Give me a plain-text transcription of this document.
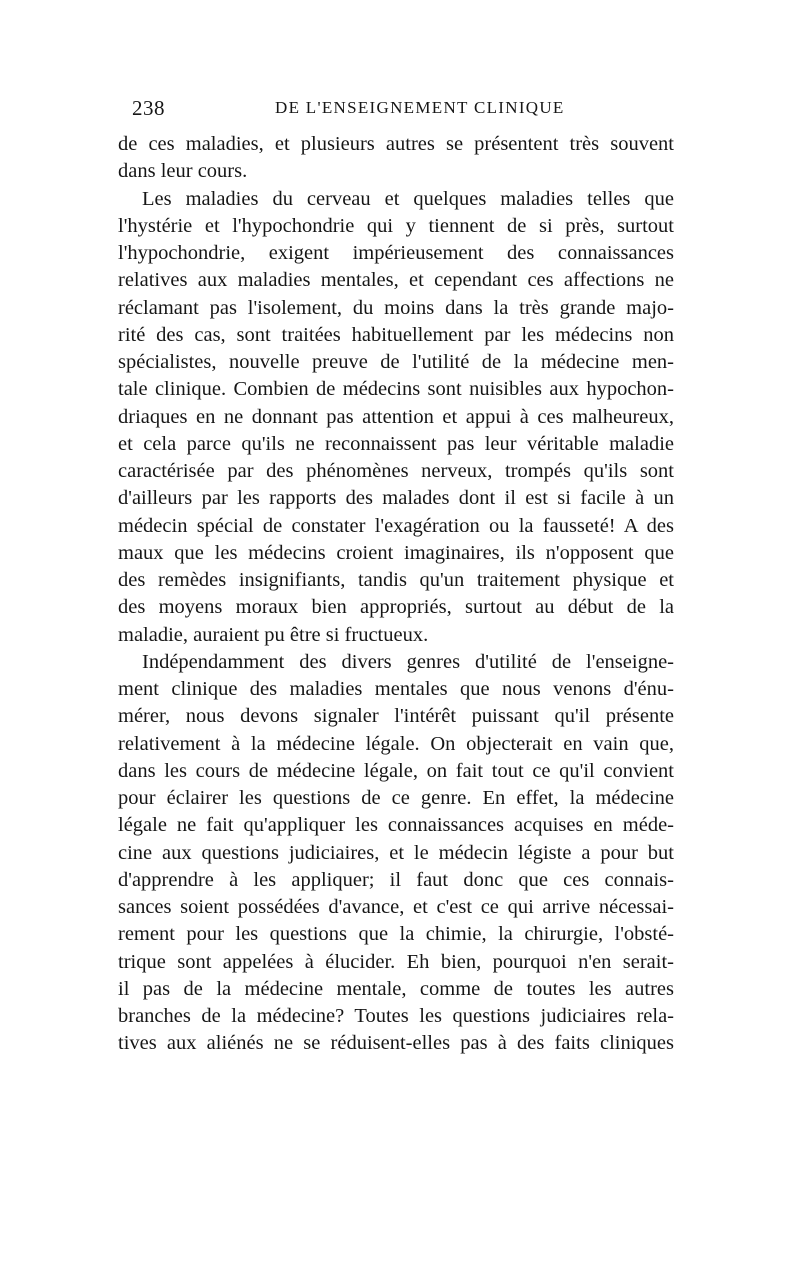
238	DE L'ENSEIGNEMENT CLINIQUE
de ces maladies, et plusieurs autres se présentent très souvent
dans leur cours.
Les maladies du cerveau et quelques maladies telles que
l'hystérie et l'hypochondrie qui y tiennent de si près, surtout
l'hypochondrie, exigent impérieusement des connaissances
relatives aux maladies mentales, et cependant ces affections ne
réclamant pas l'isolement, du moins dans la très grande majo-
rité des cas, sont traitées habituellement par les médecins non
spécialistes, nouvelle preuve de l'utilité de la médecine men-
tale clinique. Combien de médecins sont nuisibles aux hypochon-
driaques en ne donnant pas attention et appui à ces malheureux,
et cela parce qu'ils ne reconnaissent pas leur véritable maladie
caractérisée par des phénomènes nerveux, trompés qu'ils sont
d'ailleurs par les rapports des malades dont il est si facile à un
médecin spécial de constater l'exagération ou la fausseté! A des
maux que les médecins croient imaginaires, ils n'opposent que
des remèdes insignifiants, tandis qu'un traitement physique et
des moyens moraux bien appropriés, surtout au début de la
maladie, auraient pu être si fructueux.
Indépendamment des divers genres d'utilité de l'enseigne-
ment clinique des maladies mentales que nous venons d'énu-
mérer, nous devons signaler l'intérêt puissant qu'il présente
relativement à la médecine légale. On objecterait en vain que,
dans les cours de médecine légale, on fait tout ce qu'il convient
pour éclairer les questions de ce genre. En effet, la médecine
légale ne fait qu'appliquer les connaissances acquises en méde-
cine aux questions judiciaires, et le médecin légiste a pour but
d'apprendre à les appliquer; il faut donc que ces connais-
sances soient possédées d'avance, et c'est ce qui arrive nécessai-
rement pour les questions que la chimie, la chirurgie, l'obsté-
trique sont appelées à élucider. Eh bien, pourquoi n'en serait-
il pas de la médecine mentale, comme de toutes les autres
branches de la médecine? Toutes les questions judiciaires rela-
tives aux aliénés ne se réduisent-elles pas à des faits cliniques
